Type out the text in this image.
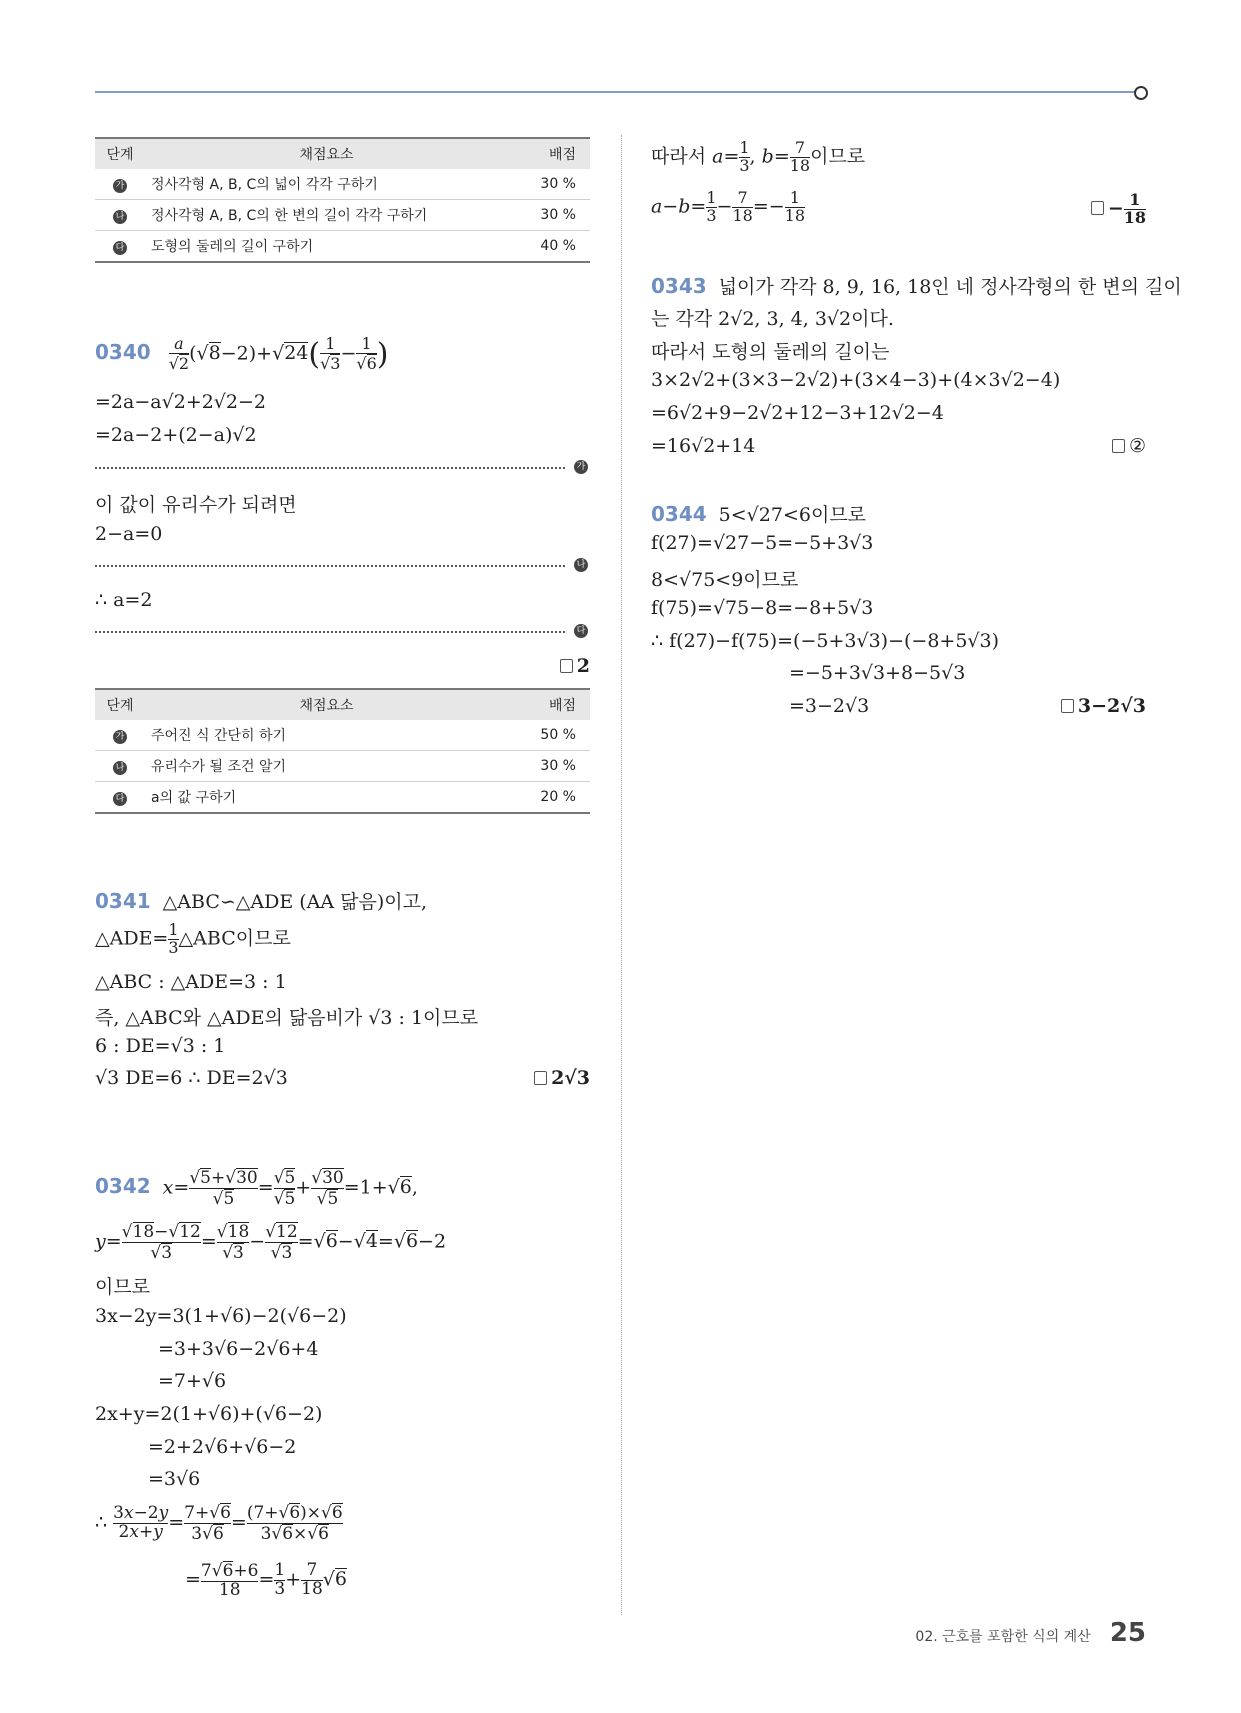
단계	채점요소	배점
가	정사각형 A, B, C의 넓이 각각 구하기	30 %
나	정사각형 A, B, C의 한 변의 길이 각각 구하기	30 %
다	도형의 둘레의 길이 구하기	40 %
$0340 \frac{a}{√2} (√8-2)+√24( \frac{1}{√3} - \frac{1}{√6}$ )
=2a−a√2+2√2−2
=2a−2+(2−a)√2
가
이 값이 유리수가 되려면
2−a=0
나
∴ a=2
다
2
단계	채점요소	배점
가	주어진 식 간단히 하기	50 %
나	유리수가 될 조건 알기	30 %
다	a의 값 구하기	20 %
0341 △ABC∽△ADE (AA 닮음)이고,
△ADE= $\frac{1}{3}$ △ABC이므로
△ABC : △ADE=3 : 1
즉, △ABC와 △ADE의 닮음비가 √3 : 1이므로
6 : DE=√3 : 1
√3 DE=6 ∴ DE=2√3	2√3
0342 $x= \frac{√5+√30}{√5} = \frac{√5}{√5} + \frac{√30}{√5} =1+√6$,
$y= \frac{√18-√12}{√3} = \frac{√18}{√3} - \frac{√12}{√3} =√6-√4=√6-2$
이므로
3x−2y=3(1+√6)−2(√6−2)
=3+3√6−2√6+4
=7+√6
2x+y=2(1+√6)+(√6−2)
=2+2√6+√6−2
=3√6
∴ $\frac{3x-2y}{2x+y} = \frac{7+√6}{3√6} = \frac{(7+√6)\times√6}{3√6\times√6}$
= $\frac{7√6+6}{18} = \frac{1}{3} + \frac{7}{18} √6$
따라서 $a= \frac{1}{3}$ , $b= \frac{7}{18}$ 이므로
$a-b= \frac{1}{3} - \frac{7}{18} =- \frac{1}{18}$	− $\frac{1}{18}$
0343 넓이가 각각 8, 9, 16, 18인 네 정사각형의 한 변의 길이
는 각각 2√2, 3, 4, 3√2이다.
따라서 도형의 둘레의 길이는
3×2√2+(3×3−2√2)+(3×4−3)+(4×3√2−4)
=6√2+9−2√2+12−3+12√2−4
=16√2+14	②
0344 5<√27<6이므로
f(27)=√27−5=−5+3√3
8<√75<9이므로
f(75)=√75−8=−8+5√3
∴ f(27)−f(75)=(−5+3√3)−(−8+5√3)
=−5+3√3+8−5√3
=3−2√3	3−2√3
02. 근호를 포함한 식의 계산 25
